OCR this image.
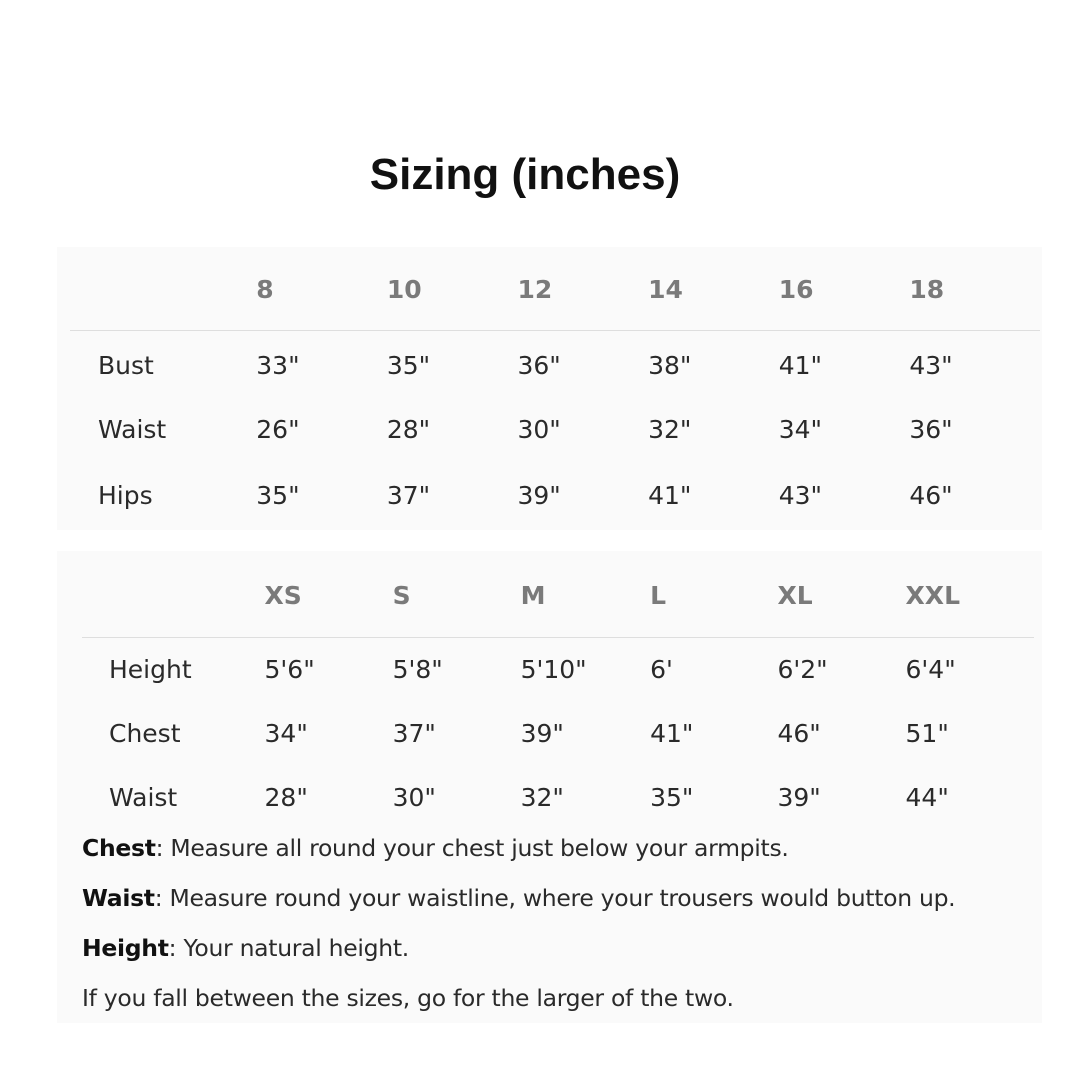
Sizing (inches)
	8	10	12	14	16	18
Bust	33"	35"	36"	38"	41"	43"
Waist	26"	28"	30"	32"	34"	36"
Hips	35"	37"	39"	41"	43"	46"
	XS	S	M	L	XL	XXL
Height	5'6"	5'8"	5'10"	6'	6'2"	6'4"
Chest	34"	37"	39"	41"	46"	51"
Waist	28"	30"	32"	35"	39"	44"
Chest: Measure all round your chest just below your armpits.
Waist: Measure round your waistline, where your trousers would button up.
Height: Your natural height.
If you fall between the sizes, go for the larger of the two.
